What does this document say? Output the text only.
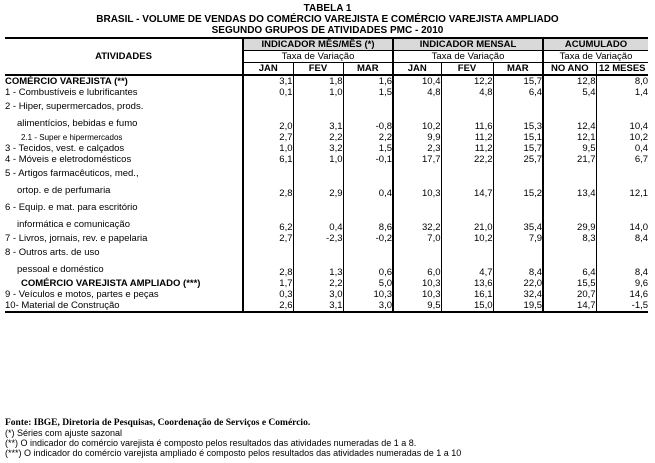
TABELA 1
BRASIL - VOLUME DE VENDAS DO COMÉRCIO VAREJISTA E COMÉRCIO VAREJISTA AMPLIADO
SEGUNDO GRUPOS DE ATIVIDADES PMC - 2010
ATIVIDADES	INDICADOR MÊS/MÊS (*)			INDICADOR MENSAL			ACUMULADO	
	Taxa de Variação			Taxa de Variação			Taxa de Variação	
	JAN	FEV	MAR	JAN	FEV	MAR	NO ANO	12 MESES
COMÉRCIO VAREJISTA (**)	3,1	1,8	1,6	10,4	12,2	15,7	12,8	8,0
1 - Combustíveis e lubrificantes	0,1	1,0	1,5	4,8	4,8	6,4	5,4	1,4

2 - Hiper, supermercados, prods.
alimentícios, bebidas e fumo	2,0	3,1	-0,8	10,2	11,6	15,3	12,4	10,4
2.1 - Super e hipermercados	2,7	2,2	2,2	9,9	11,2	15,1	12,1	10,2
3 - Tecidos, vest. e calçados	1,0	3,2	1,5	2,3	11,2	15,7	9,5	0,4
4 - Móveis e eletrodomésticos	6,1	1,0	-0,1	17,7	22,2	25,7	21,7	6,7

5 - Artigos farmacêuticos, med.,
ortop. e de perfumaria	2,8	2,9	0,4	10,3	14,7	15,2	13,4	12,1

6 - Equip. e mat. para escritório
informática e comunicação	6,2	0,4	8,6	32,2	21,0	35,4	29,9	14,0
7 - Livros, jornais, rev. e papelaria	2,7	-2,3	-0,2	7,0	10,2	7,9	8,3	8,4

8 - Outros arts. de uso
pessoal e doméstico	2,8	1,3	0,6	6,0	4,7	8,4	6,4	8,4
COMÉRCIO VAREJISTA AMPLIADO (***)	1,7	2,2	5,0	10,3	13,6	22,0	15,5	9,6
9 - Veículos e motos, partes e peças	0,3	3,0	10,3	10,3	16,1	32,4	20,7	14,6
10- Material de Construção	2,6	3,1	3,0	9,5	15,0	19,5	14,7	-1,5
Fonte: IBGE, Diretoria de Pesquisas, Coordenação de Serviços e Comércio.
(*) Séries com ajuste sazonal
(**) O indicador do comércio varejista é composto pelos resultados das atividades numeradas de 1 a 8.
(***) O indicador do comércio varejista ampliado é composto pelos resultados das atividades numeradas de 1 a 10
